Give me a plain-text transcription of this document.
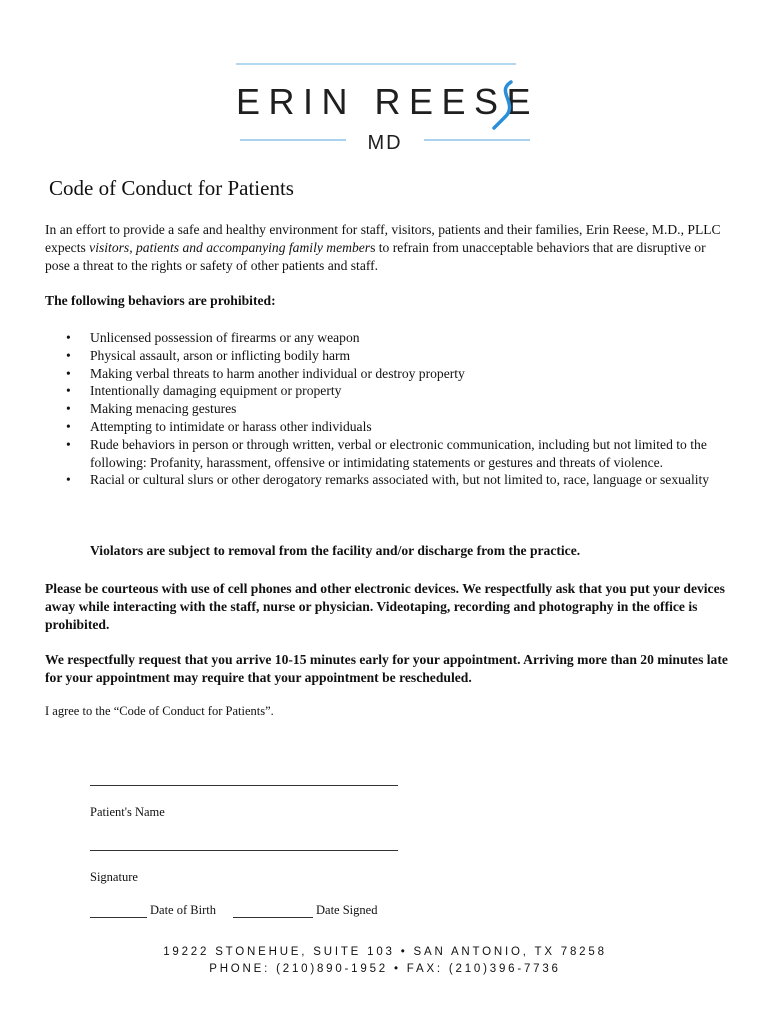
ERIN REESE
MD
Code of Conduct for Patients

In an effort to provide a safe and healthy environment for staff, visitors, patients and their families, Erin Reese, M.D., PLLC expects visitors, patients and accompanying family members to refrain from unacceptable behaviors that are disruptive or pose a threat to the rights or safety of other patients and staff.

The following behaviors are prohibited:

• Unlicensed possession of firearms or any weapon
• Physical assault, arson or inflicting bodily harm
• Making verbal threats to harm another individual or destroy property
• Intentionally damaging equipment or property
• Making menacing gestures
• Attempting to intimidate or harass other individuals
• Rude behaviors in person or through written, verbal or electronic communication, including but not limited to the following: Profanity, harassment, offensive or intimidating statements or gestures and threats of violence.
• Racial or cultural slurs or other derogatory remarks associated with, but not limited to, race, language or sexuality

Violators are subject to removal from the facility and/or discharge from the practice.

Please be courteous with use of cell phones and other electronic devices. We respectfully ask that you put your devices away while interacting with the staff, nurse or physician. Videotaping, recording and photography in the office is prohibited.

We respectfully request that you arrive 10-15 minutes early for your appointment. Arriving more than 20 minutes late for your appointment may require that your appointment be rescheduled.

I agree to the “Code of Conduct for Patients”.

Patient's Name

Signature

Date of Birth	Date Signed

19222 STONEHUE, SUITE 103 • SAN ANTONIO, TX 78258

PHONE: (210)890-1952 • FAX: (210)396-7736
